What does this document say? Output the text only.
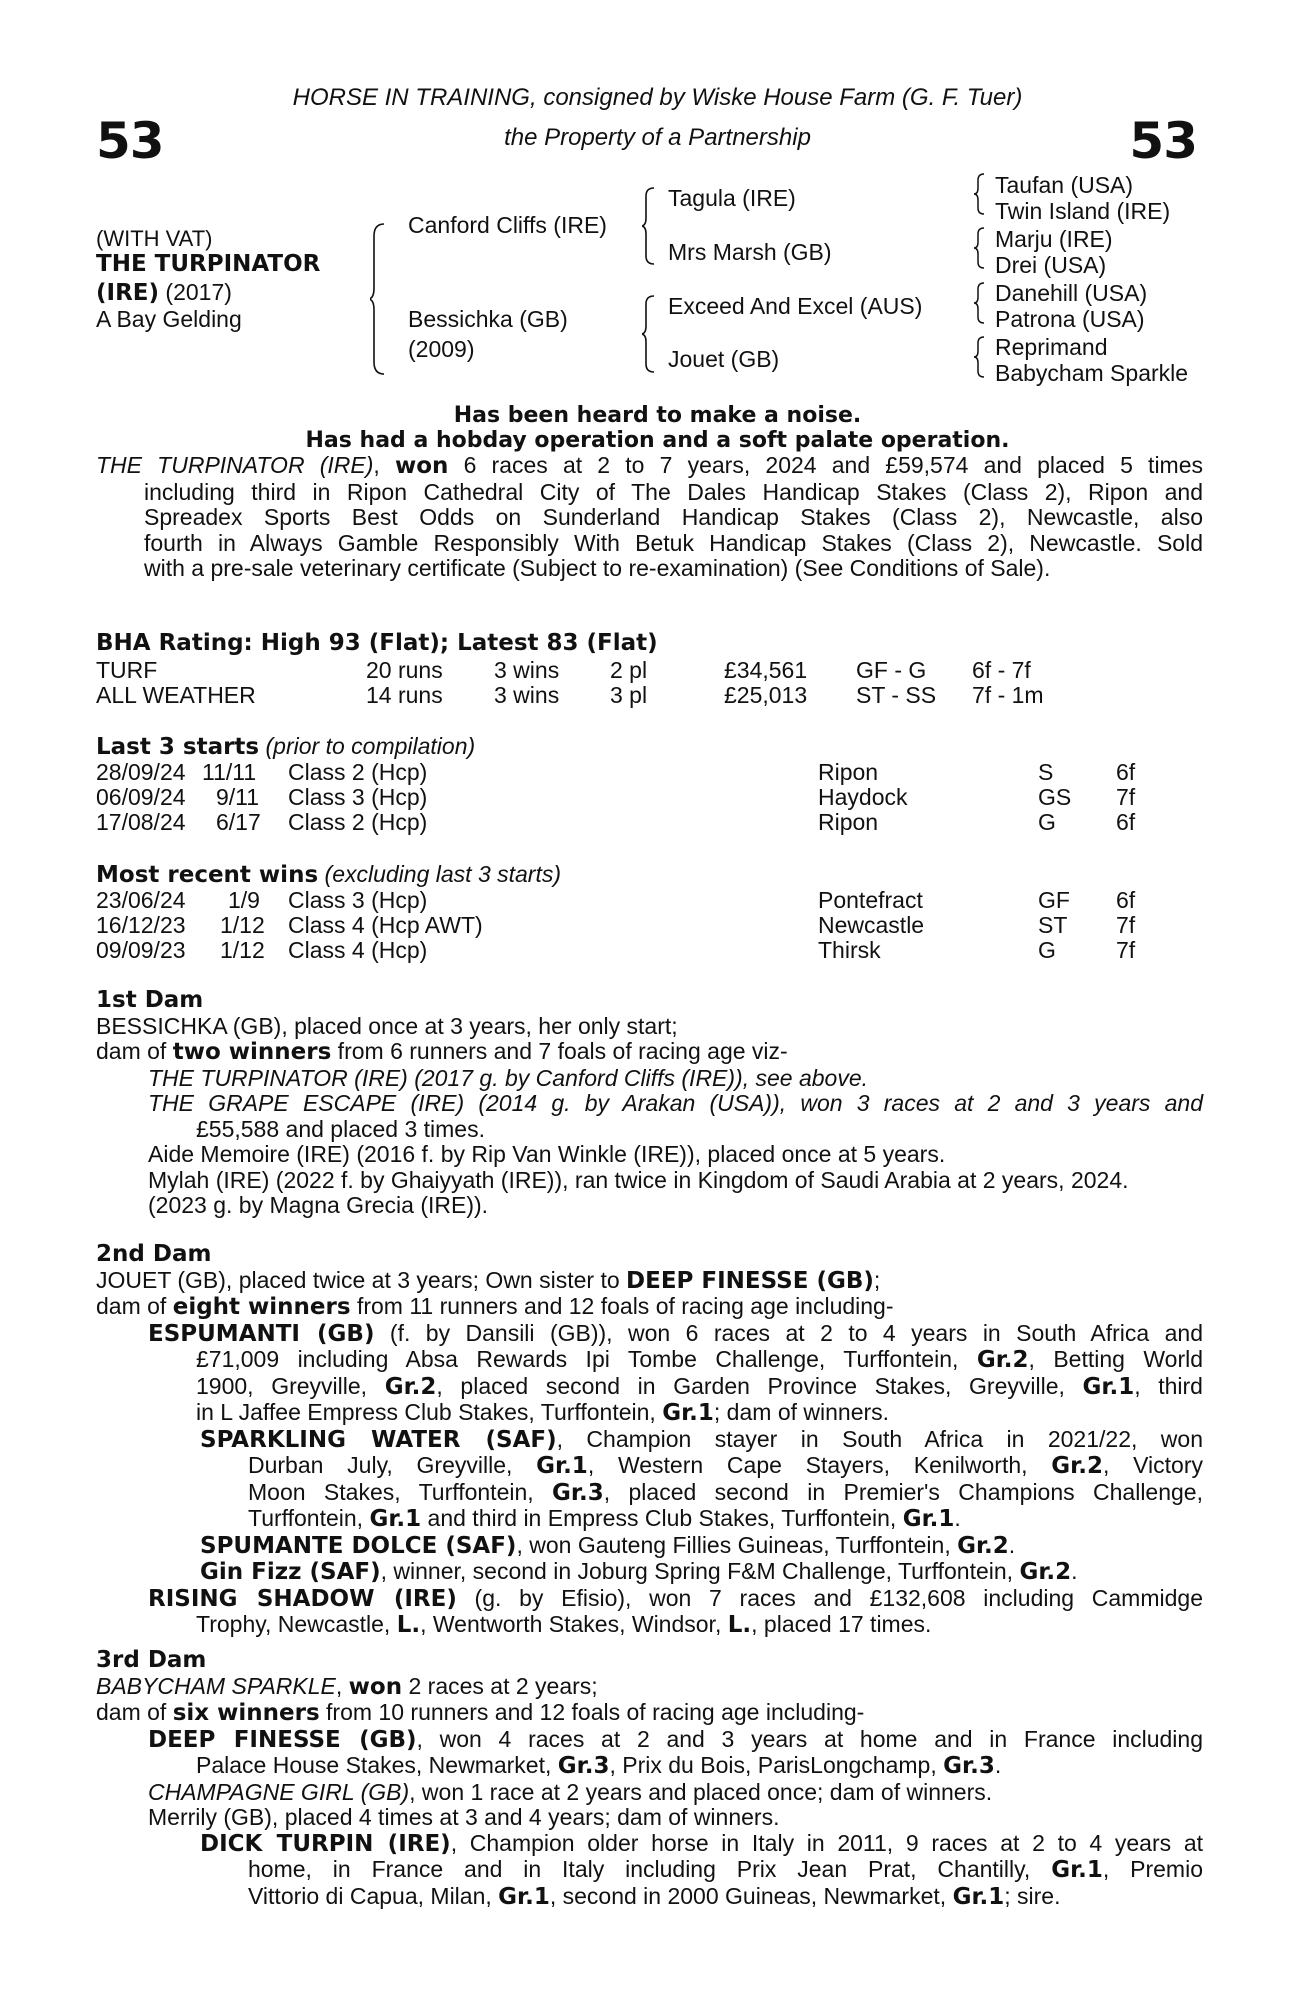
53	53
HORSE IN TRAINING, consigned by Wiske House Farm (G. F. Tuer)
the Property of a Partnership
(WITH VAT)
THE TURPINATOR
(IRE) (2017)
A Bay Gelding
Canford Cliffs (IRE)
Bessichka (GB)
(2009)
Tagula (IRE)
Mrs Marsh (GB)
Exceed And Excel (AUS)
Jouet (GB)
Taufan (USA)
Twin Island (IRE)
Marju (IRE)
Drei (USA)
Danehill (USA)
Patrona (USA)
Reprimand
Babycham Sparkle
Has been heard to make a noise.
Has had a hobday operation and a soft palate operation.
THE TURPINATOR (IRE), won 6 races at 2 to 7 years, 2024 and £59,574 and placed 5 times
including third in Ripon Cathedral City of The Dales Handicap Stakes (Class 2), Ripon and
Spreadex Sports Best Odds on Sunderland Handicap Stakes (Class 2), Newcastle, also
fourth in Always Gamble Responsibly With Betuk Handicap Stakes (Class 2), Newcastle. Sold
with a pre-sale veterinary certificate (Subject to re-examination) (See Conditions of Sale).
BHA Rating: High 93 (Flat); Latest 83 (Flat)
TURF	20 runs 3 wins 2 pl	£34,561 GF - G 6f - 7f
ALL WEATHER	14 runs 3 wins 3 pl	£25,013 ST - SS 7f - 1m
Last 3 starts (prior to compilation)
28/09/24 11/11 Class 2 (Hcp)	Ripon	S	6f
06/09/24 9/11 Class 3 (Hcp)	Haydock	GS 7f
17/08/24 6/17 Class 2 (Hcp)	Ripon	G	6f
Most recent wins (excluding last 3 starts)
23/06/24 1/9 Class 3 (Hcp)	Pontefract	GF 6f
16/12/23 1/12 Class 4 (Hcp AWT)	Newcastle	ST 7f
09/09/23 1/12 Class 4 (Hcp)	Thirsk	G	7f
1st Dam
BESSICHKA (GB), placed once at 3 years, her only start;
dam of two winners from 6 runners and 7 foals of racing age viz-
THE TURPINATOR (IRE) (2017 g. by Canford Cliffs (IRE)), see above.
THE GRAPE ESCAPE (IRE) (2014 g. by Arakan (USA)), won 3 races at 2 and 3 years and
£55,588 and placed 3 times.
Aide Memoire (IRE) (2016 f. by Rip Van Winkle (IRE)), placed once at 5 years.
Mylah (IRE) (2022 f. by Ghaiyyath (IRE)), ran twice in Kingdom of Saudi Arabia at 2 years, 2024.
(2023 g. by Magna Grecia (IRE)).
2nd Dam
JOUET (GB), placed twice at 3 years; Own sister to DEEP FINESSE (GB);
dam of eight winners from 11 runners and 12 foals of racing age including-
ESPUMANTI (GB) (f. by Dansili (GB)), won 6 races at 2 to 4 years in South Africa and
£71,009 including Absa Rewards Ipi Tombe Challenge, Turffontein, Gr.2, Betting World
1900, Greyville, Gr.2, placed second in Garden Province Stakes, Greyville, Gr.1, third
in L Jaffee Empress Club Stakes, Turffontein, Gr.1; dam of winners.
SPARKLING WATER (SAF), Champion stayer in South Africa in 2021/22, won
Durban July, Greyville, Gr.1, Western Cape Stayers, Kenilworth, Gr.2, Victory
Moon Stakes, Turffontein, Gr.3, placed second in Premier's Champions Challenge,
Turffontein, Gr.1 and third in Empress Club Stakes, Turffontein, Gr.1.
SPUMANTE DOLCE (SAF), won Gauteng Fillies Guineas, Turffontein, Gr.2.
Gin Fizz (SAF), winner, second in Joburg Spring F&M Challenge, Turffontein, Gr.2.
RISING SHADOW (IRE) (g. by Efisio), won 7 races and £132,608 including Cammidge
Trophy, Newcastle, L., Wentworth Stakes, Windsor, L., placed 17 times.
3rd Dam
BABYCHAM SPARKLE, won 2 races at 2 years;
dam of six winners from 10 runners and 12 foals of racing age including-
DEEP FINESSE (GB), won 4 races at 2 and 3 years at home and in France including
Palace House Stakes, Newmarket, Gr.3, Prix du Bois, ParisLongchamp, Gr.3.
CHAMPAGNE GIRL (GB), won 1 race at 2 years and placed once; dam of winners.
Merrily (GB), placed 4 times at 3 and 4 years; dam of winners.
DICK TURPIN (IRE), Champion older horse in Italy in 2011, 9 races at 2 to 4 years at
home, in France and in Italy including Prix Jean Prat, Chantilly, Gr.1, Premio
Vittorio di Capua, Milan, Gr.1, second in 2000 Guineas, Newmarket, Gr.1; sire.
